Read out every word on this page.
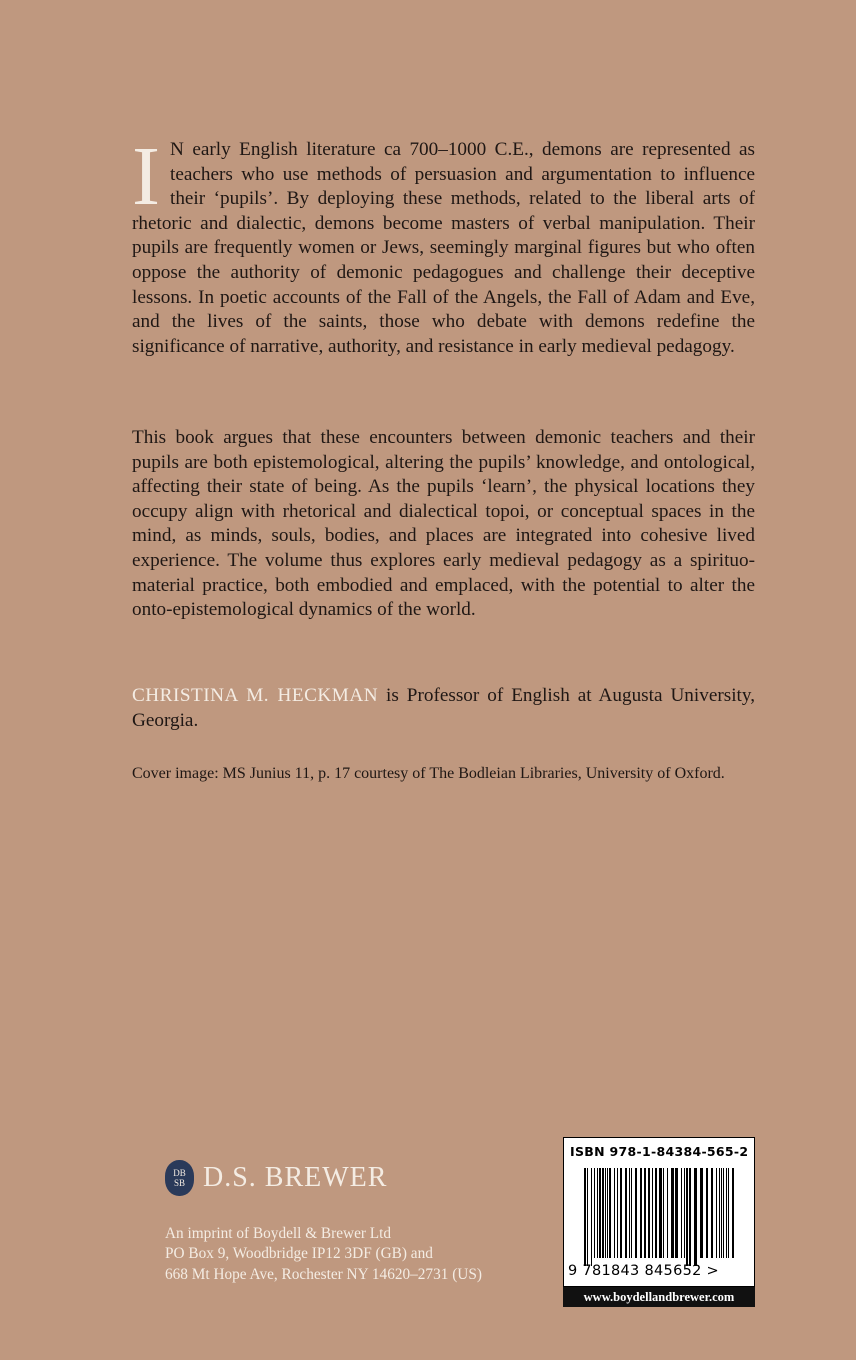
I N early English literature ca 700–1000 C.E., demons are represented as teachers who use methods of persuasion and argumentation to influence their ‘pupils’. By deploying these methods, related to the liberal arts of rhetoric and dialectic, demons become masters of verbal manipulation. Their pupils are frequently women or Jews, seemingly marginal figures but who often oppose the authority of demonic pedagogues and challenge their deceptive lessons. In poetic accounts of the Fall of the Angels, the Fall of Adam and Eve, and the lives of the saints, those who debate with demons redefine the significance of narrative, authority, and resistance in early medieval pedagogy.
This book argues that these encounters between demonic teachers and their pupils are both epistemological, altering the pupils’ knowledge, and ontological, affecting their state of being. As the pupils ‘learn’, the physical locations they occupy align with rhetorical and dialectical topoi, or conceptual spaces in the mind, as minds, souls, bodies, and places are integrated into cohesive lived experience. The volume thus explores early medieval pedagogy as a spirituo-material practice, both embodied and emplaced, with the potential to alter the onto-epistemological dynamics of the world.
CHRISTINA M. HECKMAN is Professor of English at Augusta University, Georgia.
Cover image: MS Junius 11, p. 17 courtesy of The Bodleian Libraries, University of Oxford.
DB
SB D.S. BREWER
An imprint of Boydell & Brewer Ltd
PO Box 9, Woodbridge IP12 3DF (GB) and
668 Mt Hope Ave, Rochester NY 14620–2731 (US)
ISBN 978-1-84384-565-2
9 781843 845652 >
www.boydellandbrewer.com
